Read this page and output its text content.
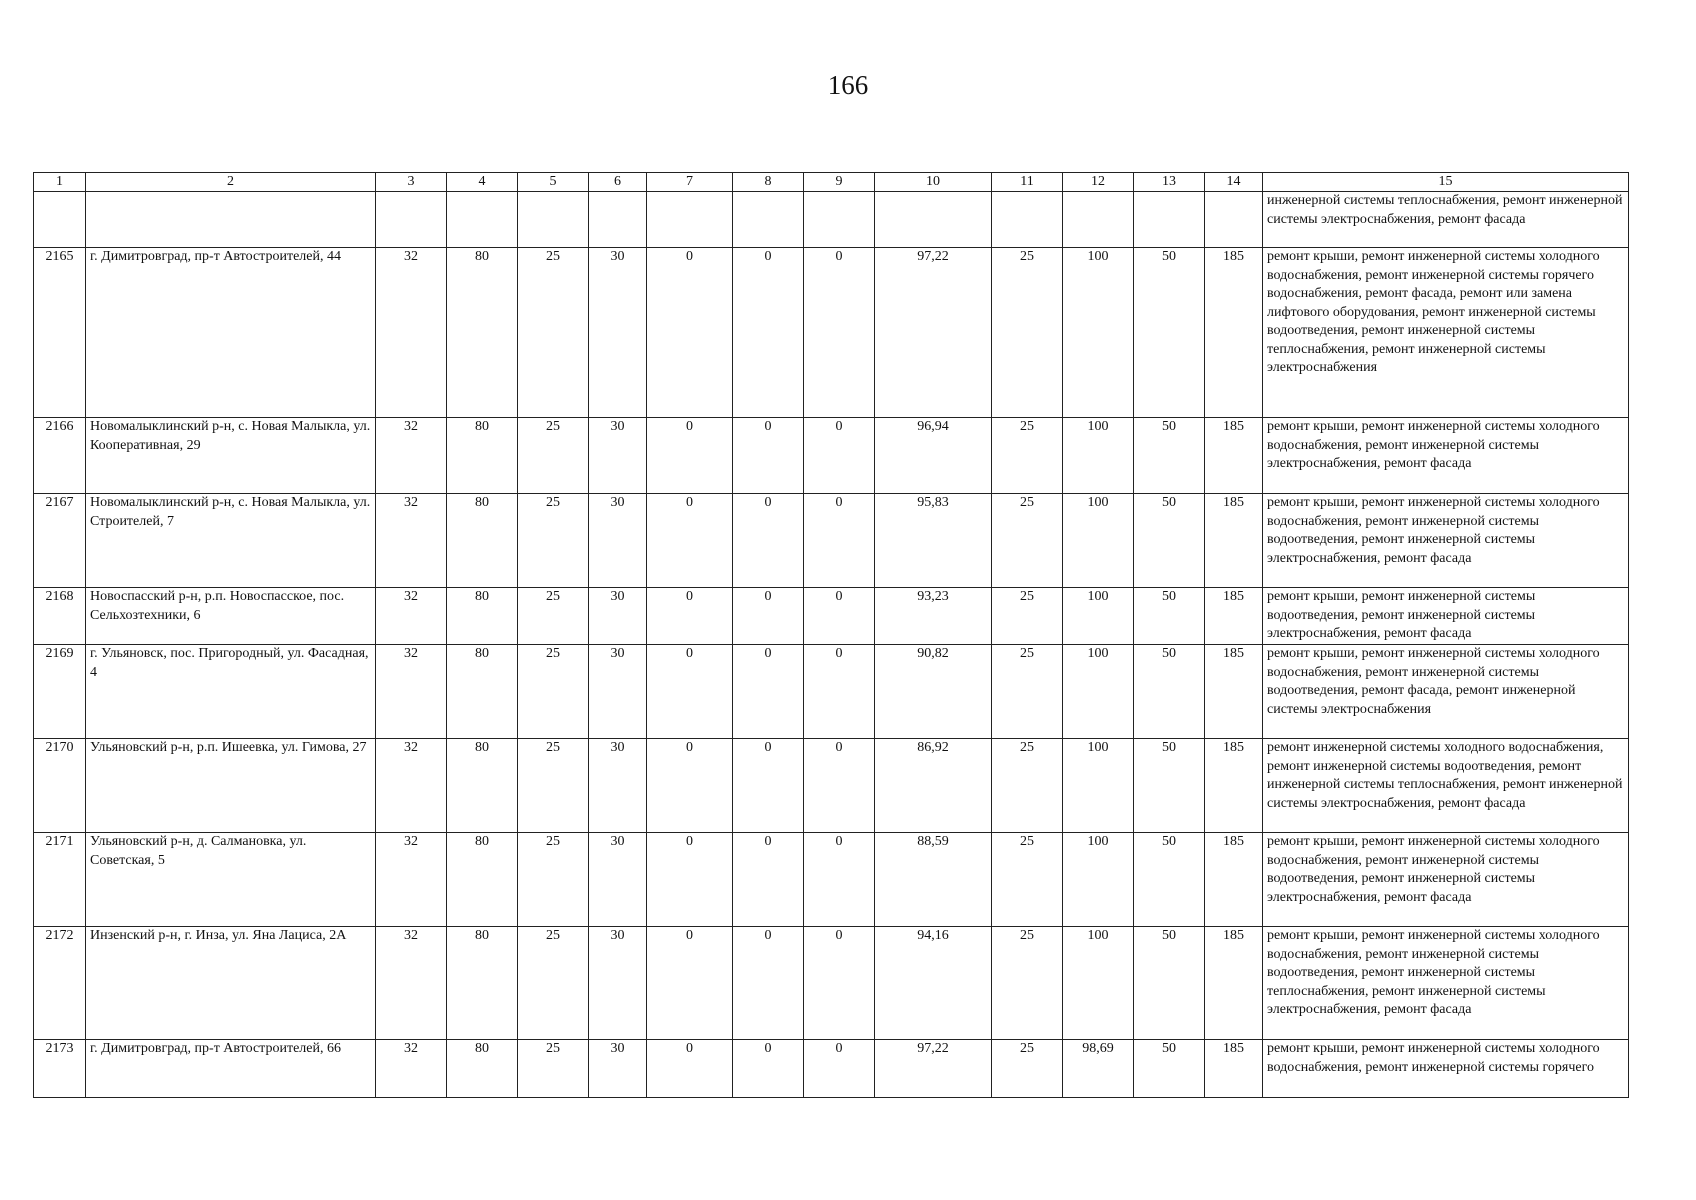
166
1	2	3	4	5	6	7	8	9	10	11	12	13	14	15
														инженерной системы теплоснабжения, ремонт инженерной системы электроснабжения, ремонт фасада
2165	г. Димитровград, пр-т Автостроителей, 44	32	80	25	30	0	0	0	97,22	25	100	50	185	ремонт крыши, ремонт инженерной системы холодного водоснабжения, ремонт инженерной системы горячего водоснабжения, ремонт фасада, ремонт или замена лифтового оборудования, ремонт инженерной системы водоотведения, ремонт инженерной системы теплоснабжения, ремонт инженерной системы электроснабжения
2166	Новомалыклинский р-н, с. Новая Малыкла, ул. Кооперативная, 29	32	80	25	30	0	0	0	96,94	25	100	50	185	ремонт крыши, ремонт инженерной системы холодного водоснабжения, ремонт инженерной системы электроснабжения, ремонт фасада
2167	Новомалыклинский р-н, с. Новая Малыкла, ул. Строителей, 7	32	80	25	30	0	0	0	95,83	25	100	50	185	ремонт крыши, ремонт инженерной системы холодного водоснабжения, ремонт инженерной системы водоотведения, ремонт инженерной системы электроснабжения, ремонт фасада
2168	Новоспасский р-н, р.п. Новоспасское, пос. Сельхозтехники, 6	32	80	25	30	0	0	0	93,23	25	100	50	185	ремонт крыши, ремонт инженерной системы водоотведения, ремонт инженерной системы электроснабжения, ремонт фасада
2169	г. Ульяновск, пос. Пригородный, ул. Фасадная, 4	32	80	25	30	0	0	0	90,82	25	100	50	185	ремонт крыши, ремонт инженерной системы холодного водоснабжения, ремонт инженерной системы водоотведения, ремонт фасада, ремонт инженерной системы электроснабжения
2170	Ульяновский р-н, р.п. Ишеевка, ул. Гимова, 27	32	80	25	30	0	0	0	86,92	25	100	50	185	ремонт инженерной системы холодного водоснабжения, ремонт инженерной системы водоотведения, ремонт инженерной системы теплоснабжения, ремонт инженерной системы электроснабжения, ремонт фасада
2171	Ульяновский р-н, д. Салмановка, ул. Советская, 5	32	80	25	30	0	0	0	88,59	25	100	50	185	ремонт крыши, ремонт инженерной системы холодного водоснабжения, ремонт инженерной системы водоотведения, ремонт инженерной системы электроснабжения, ремонт фасада
2172	Инзенский р-н, г. Инза, ул. Яна Лациса, 2А	32	80	25	30	0	0	0	94,16	25	100	50	185	ремонт крыши, ремонт инженерной системы холодного водоснабжения, ремонт инженерной системы водоотведения, ремонт инженерной системы теплоснабжения, ремонт инженерной системы электроснабжения, ремонт фасада
2173	г. Димитровград, пр-т Автостроителей, 66	32	80	25	30	0	0	0	97,22	25	98,69	50	185	ремонт крыши, ремонт инженерной системы холодного водоснабжения, ремонт инженерной системы горячего
